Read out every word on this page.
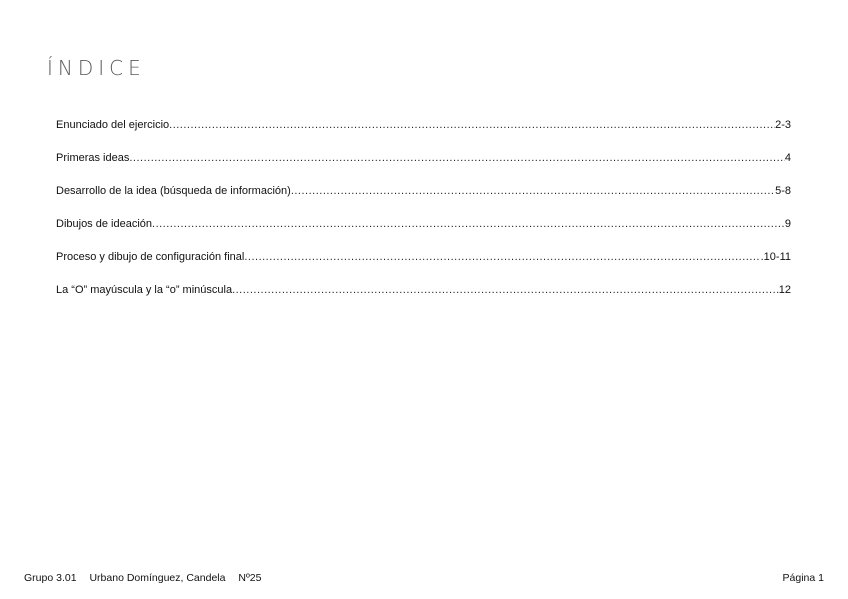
ÍNDICE
Enunciado del ejercicio .....	2-3
Primeras ideas .....	4
Desarrollo de la idea (búsqueda de información) .....	5-8
Dibujos de ideación .....	9
Proceso y dibujo de configuración final .....	.10-11
La “O” mayúscula y la “o” minúscula .....	12
Grupo 3.01 Urbano Domínguez, Candela Nº25	Página 1
